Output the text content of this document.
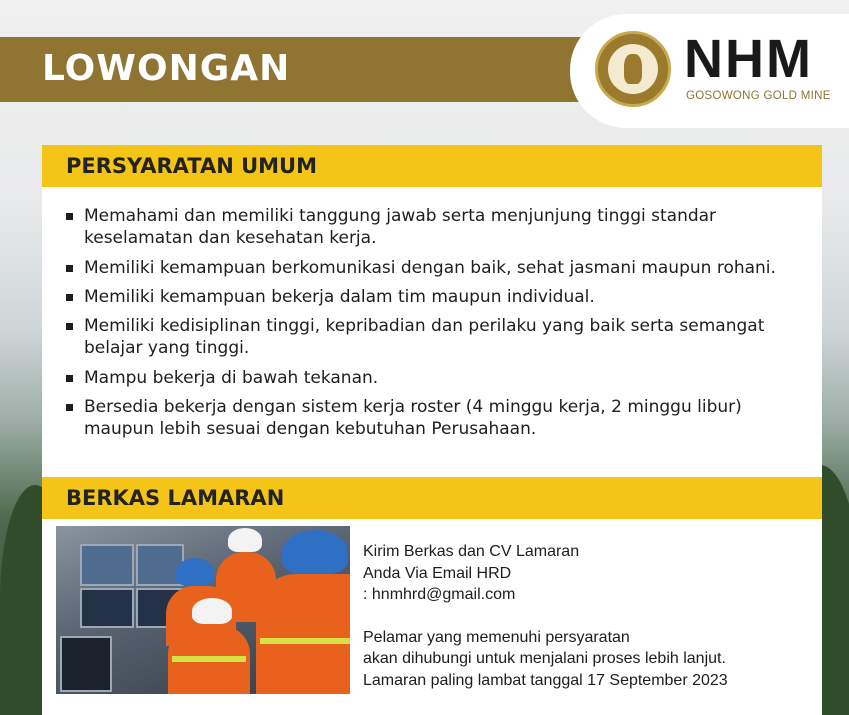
LOWONGAN	NHM
GOSOWONG GOLD MINE
PERSYARATAN UMUM
Memahami dan memiliki tanggung jawab serta menjunjung tinggi standar keselamatan dan kesehatan kerja.
Memiliki kemampuan berkomunikasi dengan baik, sehat jasmani maupun rohani.
Memiliki kemampuan bekerja dalam tim maupun individual.
Memiliki kedisiplinan tinggi, kepribadian dan perilaku yang baik serta semangat belajar yang tinggi.
Mampu bekerja di bawah tekanan.
Bersedia bekerja dengan sistem kerja roster (4 minggu kerja, 2 minggu libur) maupun lebih sesuai dengan kebutuhan Perusahaan.
BERKAS LAMARAN
Kirim Berkas dan CV Lamaran
Anda Via Email HRD
: hnmhrd@gmail.com
Pelamar yang memenuhi persyaratan
akan dihubungi untuk menjalani proses lebih lanjut.
Lamaran paling lambat tanggal 17 September 2023
